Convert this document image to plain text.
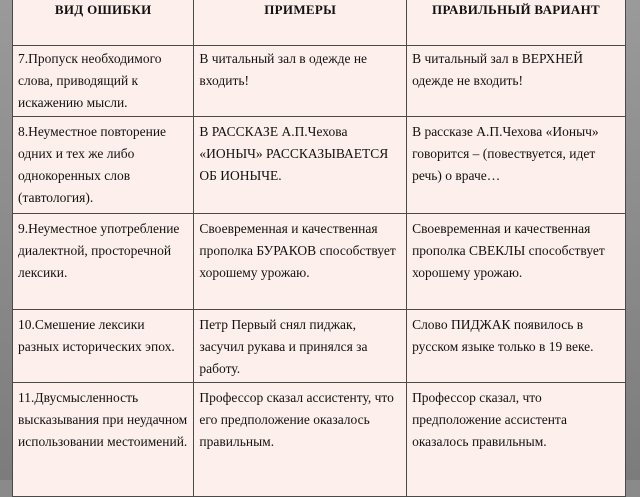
ВИД ОШИБКИ	ПРИМЕРЫ	ПРАВИЛЬНЫЙ ВАРИАНТ
7.Пропуск необходимого слова, приводящий к искажению мысли.	В читальный зал в одежде не входить!	В читальный зал в ВЕРХНЕЙ одежде не входить!
8.Неуместное повторение одних и тех же либо однокоренных слов (тавтология).	В РАССКАЗЕ А.П.Чехова «ИОНЫЧ» РАССКАЗЫВАЕТСЯ ОБ ИОНЫЧЕ.	В рассказе А.П.Чехова «Ионыч» говорится – (повествуется, идет речь) о враче…
9.Неуместное употребление диалектной, просторечной лексики.	Своевременная и качественная прополка БУРАКОВ способствует хорошему урожаю.	Своевременная и качественная прополка СВЕКЛЫ способствует хорошему урожаю.
10.Смешение лексики разных исторических эпох.	Петр Первый снял пиджак, засучил рукава и принялся за работу.	Слово ПИДЖАК появилось в русском языке только в 19 веке.
11.Двусмысленность высказывания при неудачном использовании местоимений.	Профессор сказал ассистенту, что его предположение оказалось правильным.	Профессор сказал, что предположение ассистента оказалось правильным.
